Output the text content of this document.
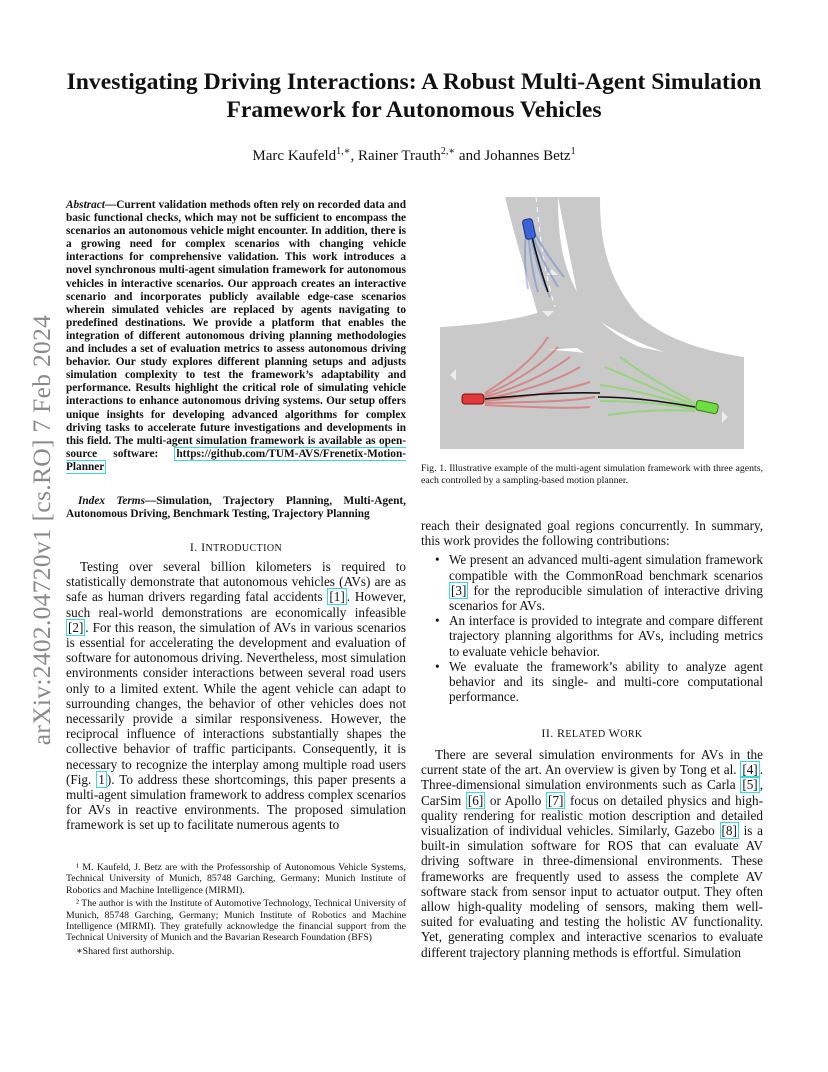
arXiv:2402.04720v1 [cs.RO] 7 Feb 2024
Investigating Driving Interactions: A Robust Multi-Agent Simulation
Framework for Autonomous Vehicles
Marc Kaufeld$^{1,∗}$, Rainer Trauth$^{2,∗}$ and Johannes Betz$^1$
Abstract—Current validation methods often rely on recorded data and basic functional checks, which may not be sufficient to encompass the scenarios an autonomous vehicle might encounter. In addition, there is a growing need for complex scenarios with changing vehicle interactions for comprehensive validation. This work introduces a novel synchronous multi-agent simulation framework for autonomous vehicles in interactive scenarios. Our approach creates an interactive scenario and incorporates publicly available edge-case scenarios wherein simulated vehicles are replaced by agents navigating to predefined destinations. We provide a platform that enables the integration of different autonomous driving planning methodologies and includes a set of evaluation metrics to assess autonomous driving behavior. Our study explores different planning setups and adjusts simulation complexity to test the framework’s adaptability and performance. Results highlight the critical role of simulating vehicle interactions to enhance autonomous driving systems. Our setup offers unique insights for developing advanced algorithms for complex driving tasks to accelerate future investigations and developments in this field. The multi-agent simulation framework is available as open-source software: https://github.com/TUM-AVS/Frenetix-Motion-Planner
Index Terms—Simulation, Trajectory Planning, Multi-Agent, Autonomous Driving, Benchmark Testing, Trajectory Planning
I. INTRODUCTION

Testing over several billion kilometers is required to statistically demonstrate that autonomous vehicles (AVs) are as safe as human drivers regarding fatal accidents [1] . However, such real-world demonstrations are economically infeasible [2] . For this reason, the simulation of AVs in various scenarios is essential for accelerating the development and evaluation of software for autonomous driving. Nevertheless, most simulation environments consider interactions between several road users only to a limited extent. While the agent vehicle can adapt to surrounding changes, the behavior of other vehicles does not necessarily provide a similar responsiveness. However, the reciprocal influence of interactions substantially shapes the collective behavior of traffic participants. Consequently, it is necessary to recognize the interplay among multiple road users (Fig. 1 ). To address these shortcomings, this paper presents a multi-agent simulation framework to address complex scenarios for AVs in reactive environments. The proposed simulation framework is set up to facilitate numerous agents to

¹ M. Kaufeld, J. Betz are with the Professorship of Autonomous Vehicle Systems, Technical University of Munich, 85748 Garching, Germany; Munich Institute of Robotics and Machine Intelligence (MIRMI).

² The author is with the Institute of Automotive Technology, Technical University of Munich, 85748 Garching, Germany; Munich Institute of Robotics and Machine Intelligence (MIRMI). They gratefully acknowledge the financial support from the Technical University of Munich and the Bavarian Research Foundation (BFS)

∗Shared first authorship.

Fig. 1. Illustrative example of the multi-agent simulation framework with three agents, each controlled by a sampling-based motion planner.

reach their designated goal regions concurrently. In summary, this work provides the following contributions:

• We present an advanced multi-agent simulation framework compatible with the CommonRoad benchmark scenarios [3] for the reproducible simulation of interactive driving scenarios for AVs.
• An interface is provided to integrate and compare different trajectory planning algorithms for AVs, including metrics to evaluate vehicle behavior.
• We evaluate the framework’s ability to analyze agent behavior and its single- and multi-core computational performance.
II. RELATED WORK

There are several simulation environments for AVs in the current state of the art. An overview is given by Tong et al. [4] . Three-dimensional simulation environments such as Carla [5] , CarSim [6] or Apollo [7] focus on detailed physics and high-quality rendering for realistic motion description and detailed visualization of individual vehicles. Similarly, Gazebo [8] is a built-in simulation software for ROS that can evaluate AV driving software in three-dimensional environments. These frameworks are frequently used to assess the complete AV software stack from sensor input to actuator output. They often allow high-quality modeling of sensors, making them well-suited for evaluating and testing the holistic AV functionality. Yet, generating complex and interactive scenarios to evaluate different trajectory planning methods is effortful. Simulation
